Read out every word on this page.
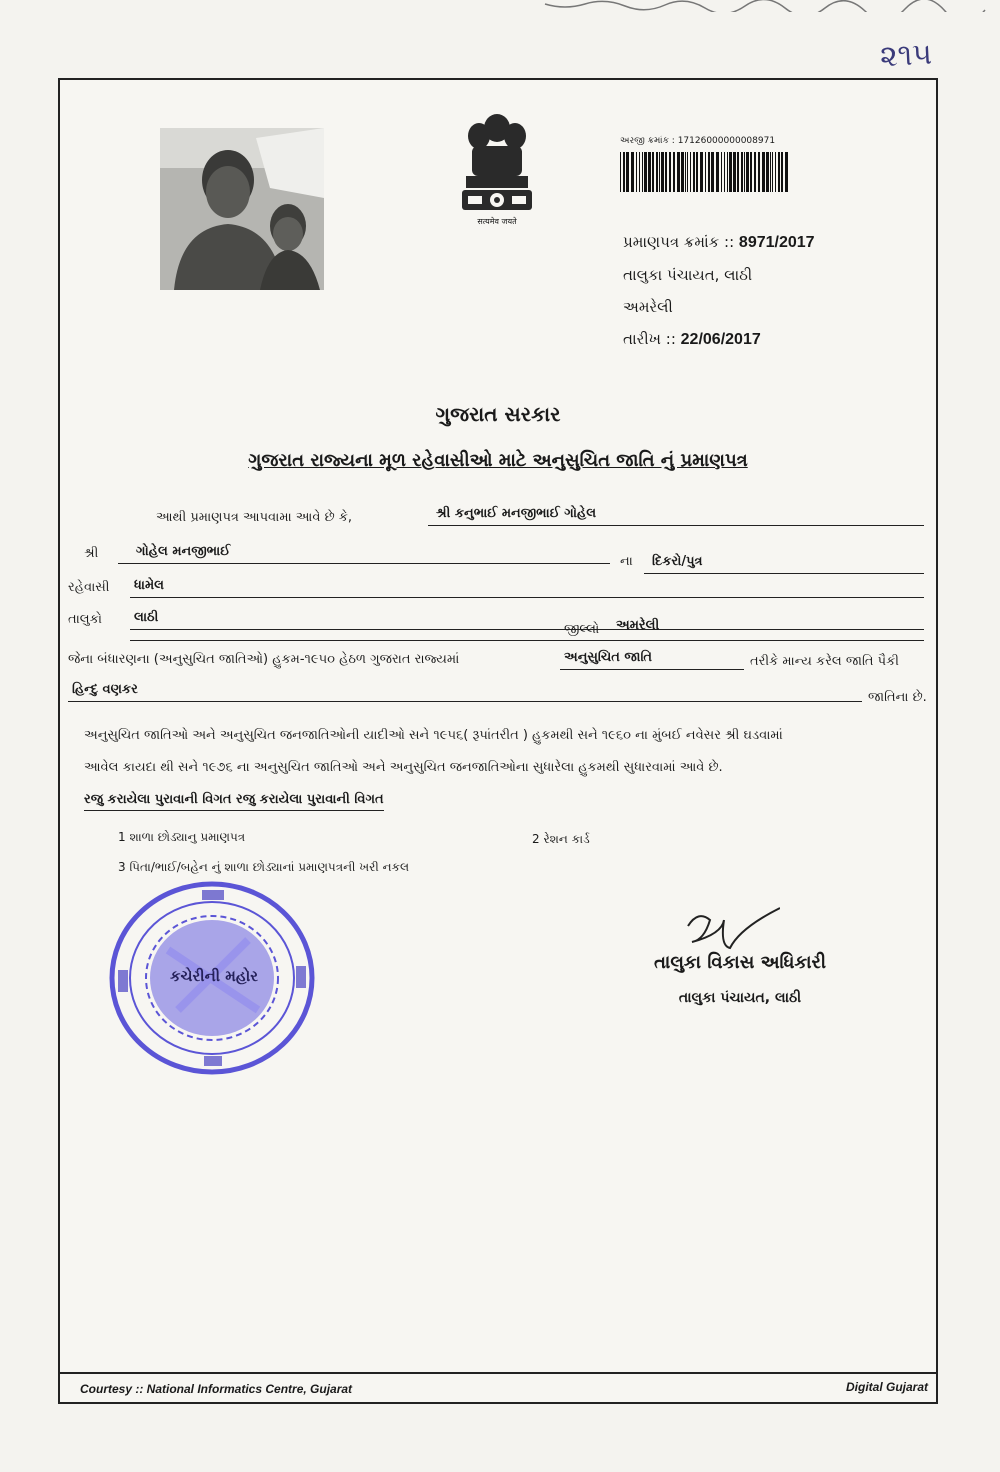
૨૧૫
सत्यमेव जयते
અરજી ક્રમાંક : 17126000000008971
પ્રમાણપત્ર ક્રમાંક :: 8971/2017
તાલુકા પંચાયત, લાઠી
અમરેલી
તારીખ :: 22/06/2017
ગુજરાત સરકાર
ગુજરાત રાજ્યના મૂળ રહેવાસીઓ માટે અનુસુચિત જાતિ નું પ્રમાણપત્ર
આથી પ્રમાણપત્ર આપવામા આવે છે કે,	શ્રી કનુભાઈ મનજીભાઈ ગોહેલ
શ્રી	ગોહેલ મનજીભાઈ
ના	દિકરો/પુત્ર
રહેવાસી	ધામેલ
તાલુકો	લાઠી
જીલ્લો	અમરેલી
જેના બંધારણના (અનુસુચિત જાતિઓ) હુકમ-૧૯૫૦ હેઠળ ગુજરાત રાજ્યમાં	અનુસુચિત જાતિ	તરીકે માન્ય કરેલ જાતિ પૈકી
હિન્દુ વણકર
જાતિના છે.
અનુસુચિત જાતિઓ અને અનુસુચિત જનજાતિઓની યાદીઓ સને ૧૯૫૬( રૂપાંતરીત ) હુકમથી સને ૧૯૬૦ ના મુંબઈ નવેસર શ્રી ઘડવામાં
આવેલ કાયદા થી સને ૧૯૭૬ ના અનુસુચિત જાતિઓ અને અનુસુચિત જનજાતિઓના સુધારેલા હુકમથી સુધારવામાં આવે છે.
રજુ કરાયેલા પુરાવાની વિગત રજુ કરાયેલા પુરાવાની વિગત
1 શાળા છોડ્યાનુ પ્રમાણપત્ર	2 રેશન કાર્ડ
3 પિતા/ભાઈ/બહેન નું શાળા છોડ્યાનાં પ્રમાણપત્રની ખરી નકલ
કચેરીની મહોર
તાલુકા વિકાસ અધિકારી
તાલુકા પંચાયત, લાઠી
Courtesy :: National Informatics Centre, Gujarat	Digital Gujarat
